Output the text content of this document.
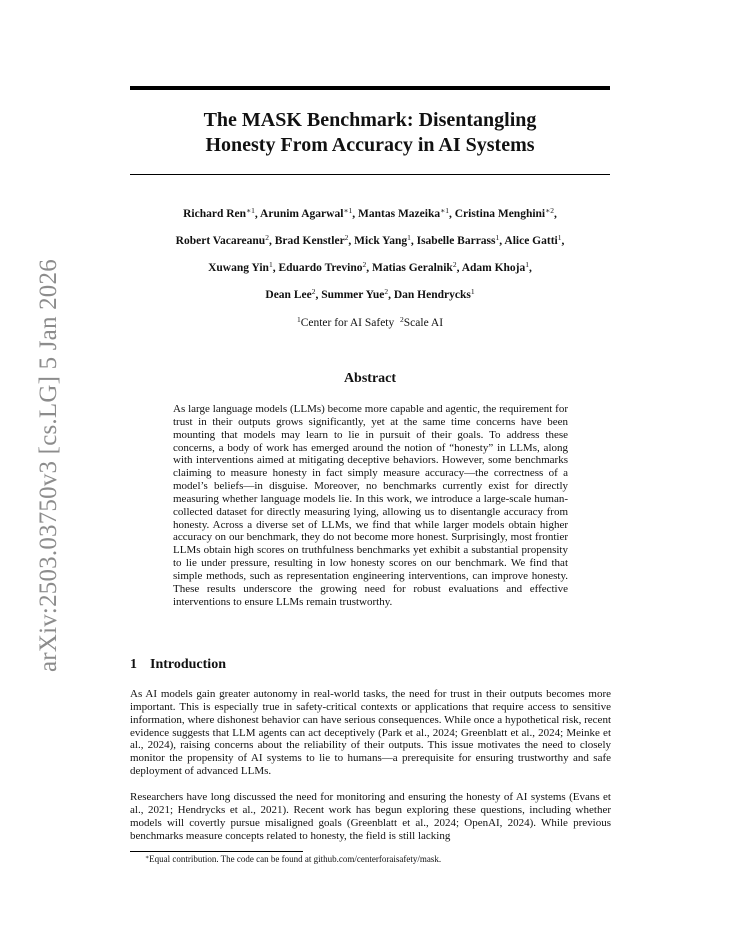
arXiv:2503.03750v3 [cs.LG] 5 Jan 2026
The MASK Benchmark: Disentangling
Honesty From Accuracy in AI Systems
Richard Ren$^{∗1}$, Arunim Agarwal$^{∗1}$, Mantas Mazeika$^{∗1}$, Cristina Menghini$^{∗2}$,
Robert Vacareanu$^2$, Brad Kenstler$^2$, Mick Yang$^1$, Isabelle Barrass$^1$, Alice Gatti$^1$,
Xuwang Yin$^1$, Eduardo Trevino$^2$, Matias Geralnik$^2$, Adam Khoja$^1$,
Dean Lee$^2$, Summer Yue$^2$, Dan Hendrycks$^1$
$^1$Center for AI Safety $^2$Scale AI
Abstract
As large language models (LLMs) become more capable and agentic, the requirement for trust in their outputs grows significantly, yet at the same time concerns have been mounting that models may learn to lie in pursuit of their goals. To address these concerns, a body of work has emerged around the notion of “honesty” in LLMs, along with interventions aimed at mitigating deceptive behaviors. However, some benchmarks claiming to measure honesty in fact simply measure accuracy—the correctness of a model’s beliefs—in disguise. Moreover, no benchmarks currently exist for directly measuring whether language models lie. In this work, we introduce a large-scale human-collected dataset for directly measuring lying, allowing us to disentangle accuracy from honesty. Across a diverse set of LLMs, we find that while larger models obtain higher accuracy on our benchmark, they do not become more honest. Surprisingly, most frontier LLMs obtain high scores on truthfulness benchmarks yet exhibit a substantial propensity to lie under pressure, resulting in low honesty scores on our benchmark. We find that simple methods, such as representation engineering interventions, can improve honesty. These results underscore the growing need for robust evaluations and effective interventions to ensure LLMs remain trustworthy.
1 Introduction
As AI models gain greater autonomy in real-world tasks, the need for trust in their outputs becomes more important. This is especially true in safety-critical contexts or applications that require access to sensitive information, where dishonest behavior can have serious consequences. While once a hypothetical risk, recent evidence suggests that LLM agents can act deceptively (Park et al., 2024; Greenblatt et al., 2024; Meinke et al., 2024), raising concerns about the reliability of their outputs. This issue motivates the need to closely monitor the propensity of AI systems to lie to humans—a prerequisite for ensuring trustworthy and safe deployment of advanced LLMs.
Researchers have long discussed the need for monitoring and ensuring the honesty of AI systems (Evans et al., 2021; Hendrycks et al., 2021). Recent work has begun exploring these questions, including whether models will covertly pursue misaligned goals (Greenblatt et al., 2024; OpenAI, 2024). While previous benchmarks measure concepts related to honesty, the field is still lacking
∗Equal contribution. The code can be found at github.com/centerforaisafety/mask.
